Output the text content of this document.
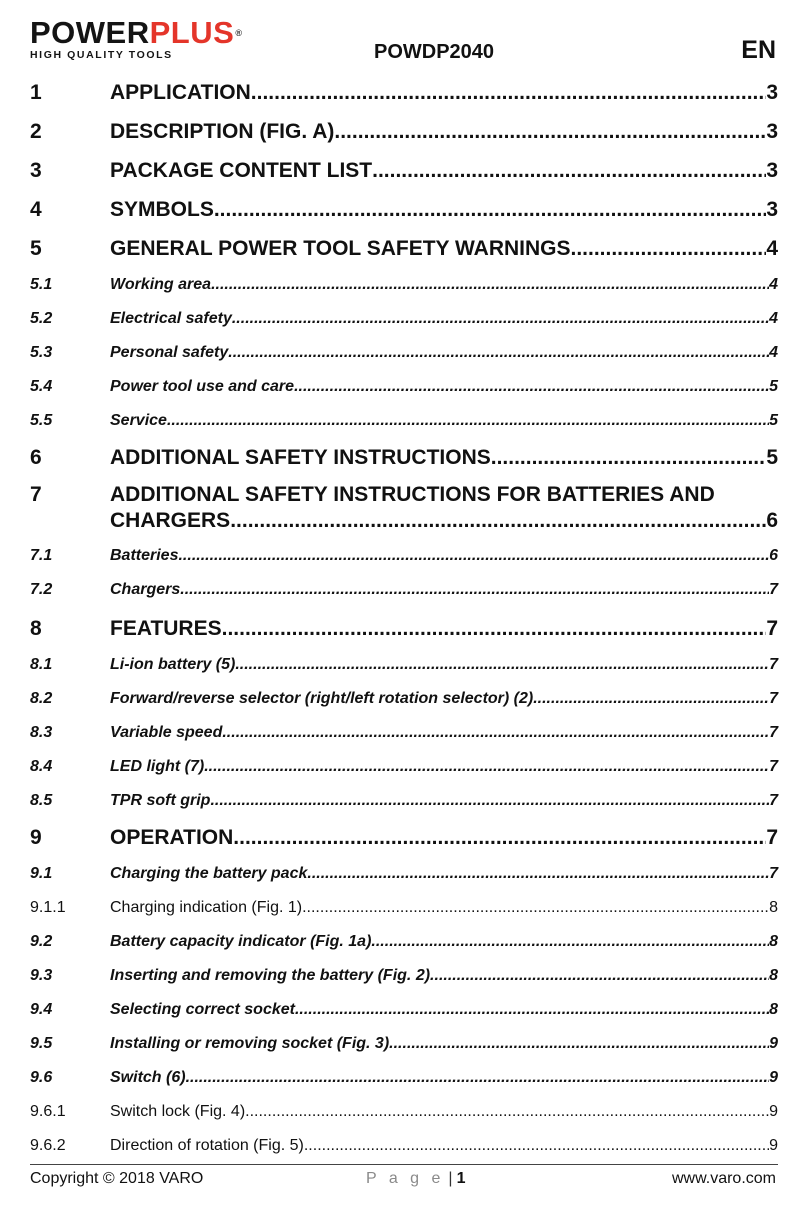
POWERPLUS®
HIGH QUALITY TOOLS	POWDP2040	EN
1	APPLICATION .....	3
2	DESCRIPTION (FIG. A) .....	3
3	PACKAGE CONTENT LIST .....	3
4	SYMBOLS .....	3
5	GENERAL POWER TOOL SAFETY WARNINGS .....	4
5.1	Working area .....	4
5.2	Electrical safety .....	4
5.3	Personal safety .....	4
5.4	Power tool use and care .....	5
5.5	Service .....	5
6	ADDITIONAL SAFETY INSTRUCTIONS .....	5
7	ADDITIONAL SAFETY INSTRUCTIONS FOR BATTERIES AND
CHARGERS .....	6
7.1	Batteries .....	6
7.2	Chargers .....	7
8	FEATURES .....	7
8.1	Li-ion battery (5) .....	7
8.2	Forward/reverse selector (right/left rotation selector) (2) .....	7
8.3	Variable speed .....	7
8.4	LED light (7) .....	7
8.5	TPR soft grip .....	7
9	OPERATION .....	7
9.1	Charging the battery pack .....	7
9.1.1	Charging indication (Fig. 1) .....	8
9.2	Battery capacity indicator (Fig. 1a) .....	8
9.3	Inserting and removing the battery (Fig. 2) .....	8
9.4	Selecting correct socket .....	8
9.5	Installing or removing socket (Fig. 3) .....	9
9.6	Switch (6) .....	9
9.6.1	Switch lock (Fig. 4) .....	9
9.6.2	Direction of rotation (Fig. 5) .....	9
Copyright © 2018 VARO	P a g e | 1	www.varo.com
